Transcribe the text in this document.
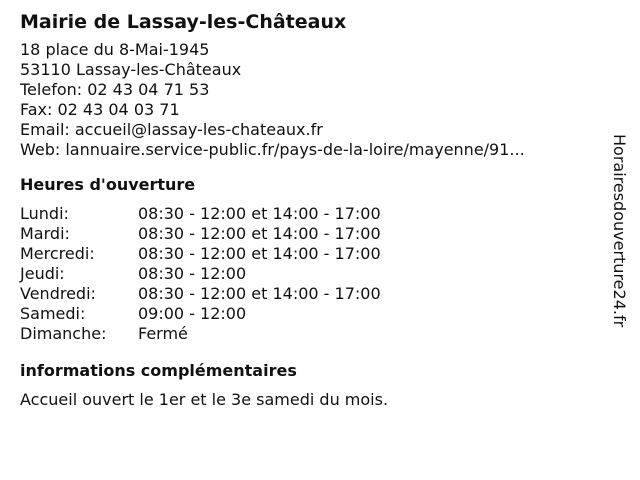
Mairie de Lassay-les-Châteaux
18 place du 8-Mai-1945
53110 Lassay-les-Châteaux
Telefon: 02 43 04 71 53
Fax: 02 43 04 03 71
Email: accueil@lassay-les-chateaux.fr
Web: lannuaire.service-public.fr/pays-de-la-loire/mayenne/91...
Heures d'ouverture
Lundi:	08:30 - 12:00 et 14:00 - 17:00
Mardi:	08:30 - 12:00 et 14:00 - 17:00
Mercredi:	08:30 - 12:00 et 14:00 - 17:00
Jeudi:	08:30 - 12:00
Vendredi:	08:30 - 12:00 et 14:00 - 17:00
Samedi:	09:00 - 12:00
Dimanche:	Fermé
informations complémentaires
Accueil ouvert le 1er et le 3e samedi du mois.
Horairesdouverture24.fr
